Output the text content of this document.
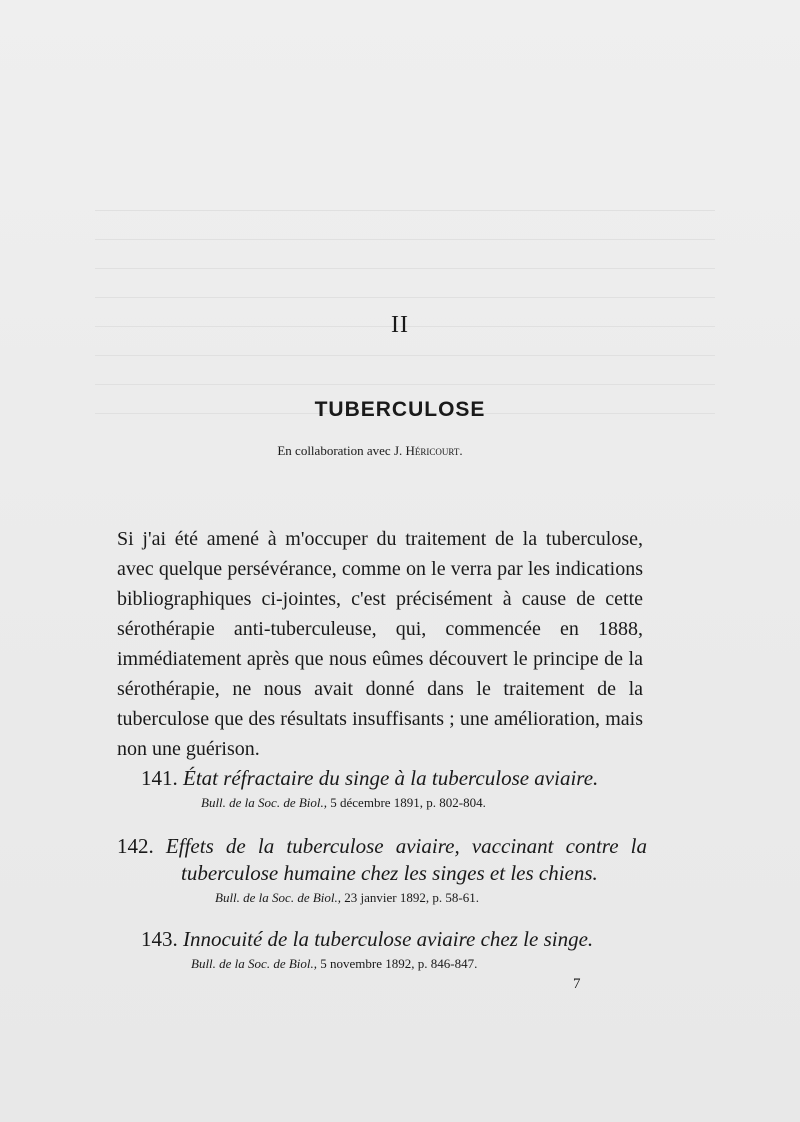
II
TUBERCULOSE
En collaboration avec J. Héricourt.
Si j'ai été amené à m'occuper du traitement de la tuberculose, avec quelque persévérance, comme on le verra par les indications bibliographiques ci-jointes, c'est précisément à cause de cette sérothérapie anti-tuberculeuse, qui, commencée en 1888, immédiatement après que nous eûmes découvert le principe de la sérothérapie, ne nous avait donné dans le traitement de la tuberculose que des résultats insuffisants ; une amélioration, mais non une guérison.
141. État réfractaire du singe à la tuberculose aviaire.
Bull. de la Soc. de Biol., 5 décembre 1891, p. 802-804.
142. Effets de la tuberculose aviaire, vaccinant contre la tuberculose humaine chez les singes et les chiens.
Bull. de la Soc. de Biol., 23 janvier 1892, p. 58-61.
143. Innocuité de la tuberculose aviaire chez le singe.
Bull. de la Soc. de Biol., 5 novembre 1892, p. 846-847.
7
